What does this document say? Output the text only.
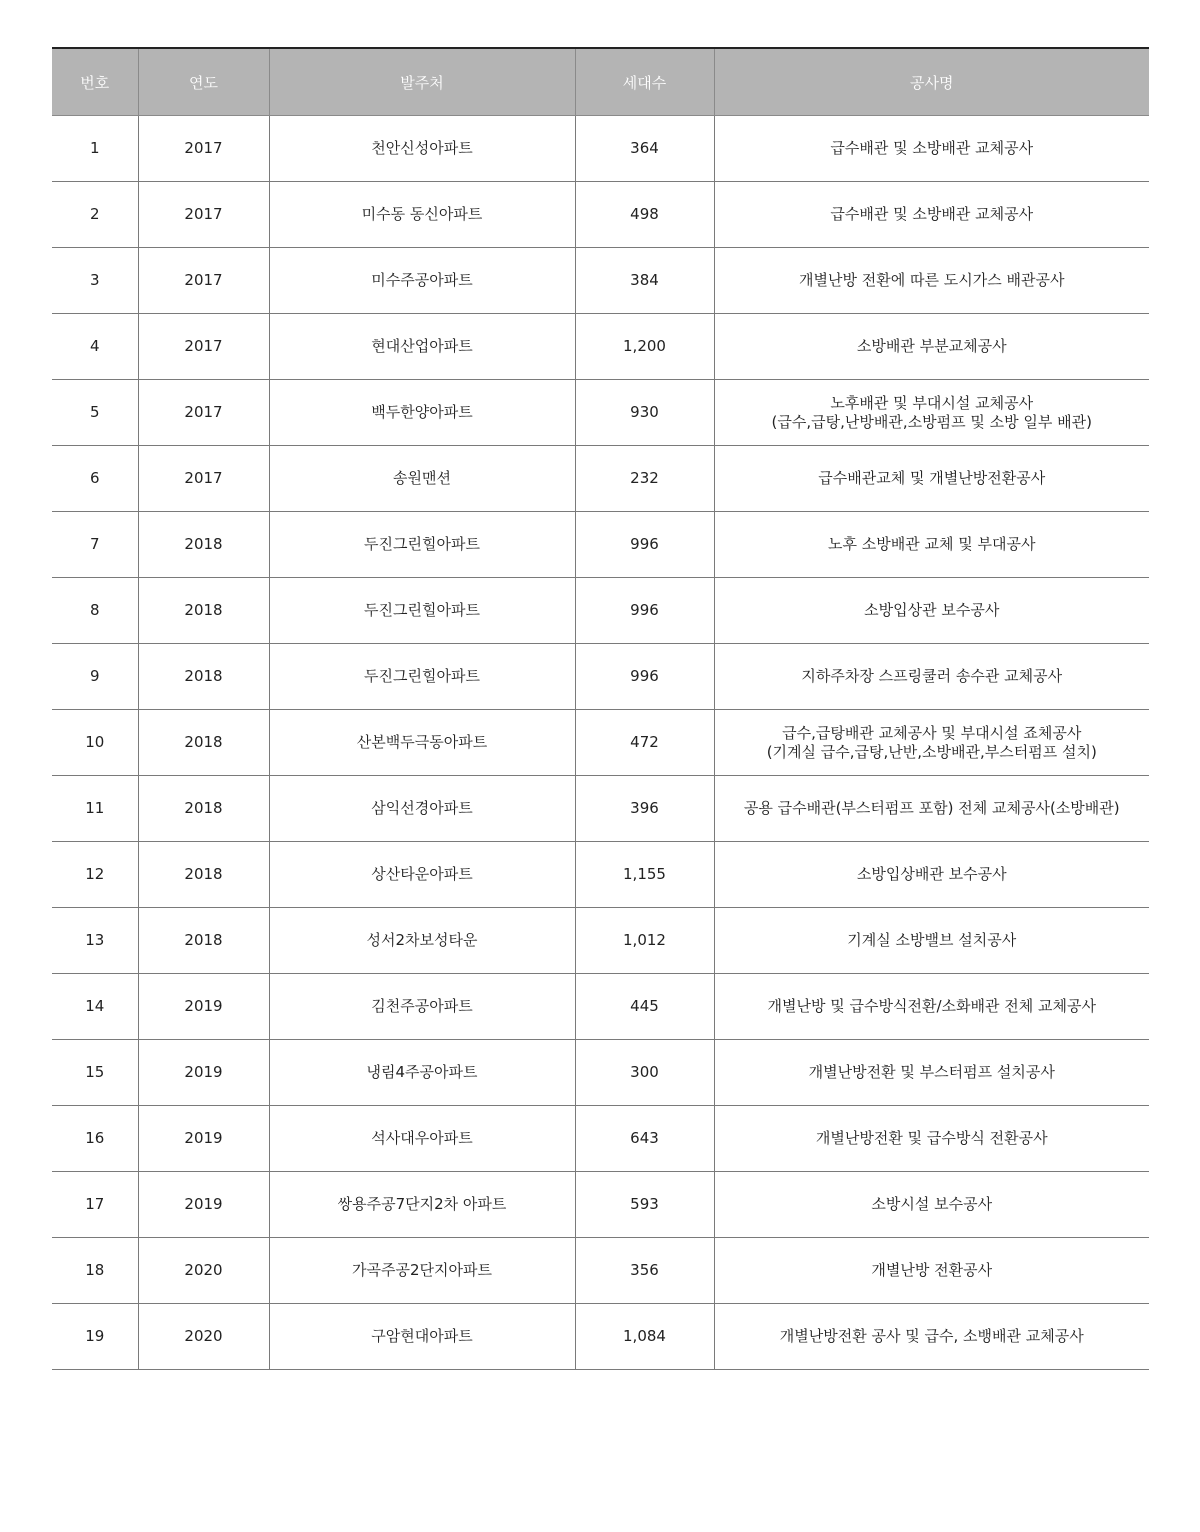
번호	연도	발주처	세대수	공사명
1	2017	천안신성아파트	364	급수배관 및 소방배관 교체공사

2	2017	미수동 동신아파트	498	급수배관 및 소방배관 교체공사

3	2017	미수주공아파트	384	개별난방 전환에 따른 도시가스 배관공사

4	2017	현대산업아파트	1,200	소방배관 부분교체공사

5	2017	백두한양아파트	930	노후배관 및 부대시설 교체공사
(급수,급탕,난방배관,소방펌프 및 소방 일부 배관)

6	2017	송원맨션	232	급수배관교체 및 개별난방전환공사

7	2018	두진그린힐아파트	996	노후 소방배관 교체 및 부대공사

8	2018	두진그린힐아파트	996	소방입상관 보수공사

9	2018	두진그린힐아파트	996	지하주차장 스프링쿨러 송수관 교체공사

10	2018	산본백두극동아파트	472	급수,급탕배관 교체공사 및 부대시설 죠체공사
(기계실 급수,급탕,난반,소방배관,부스터펌프 설치)

11	2018	삼익선경아파트	396	공용 급수배관(부스터펌프 포함) 전체 교체공사(소방배관)

12	2018	상산타운아파트	1,155	소방입상배관 보수공사

13	2018	성서2차보성타운	1,012	기계실 소방밸브 설치공사

14	2019	김천주공아파트	445	개별난방 및 급수방식전환/소화배관 전체 교체공사

15	2019	냉림4주공아파트	300	개별난방전환 및 부스터펌프 설치공사

16	2019	석사대우아파트	643	개별난방전환 및 급수방식 전환공사

17	2019	쌍용주공7단지2차 아파트	593	소방시설 보수공사

18	2020	가곡주공2단지아파트	356	개별난방 전환공사

19	2020	구암현대아파트	1,084	개별난방전환 공사 및 급수, 소뱅배관 교체공사
